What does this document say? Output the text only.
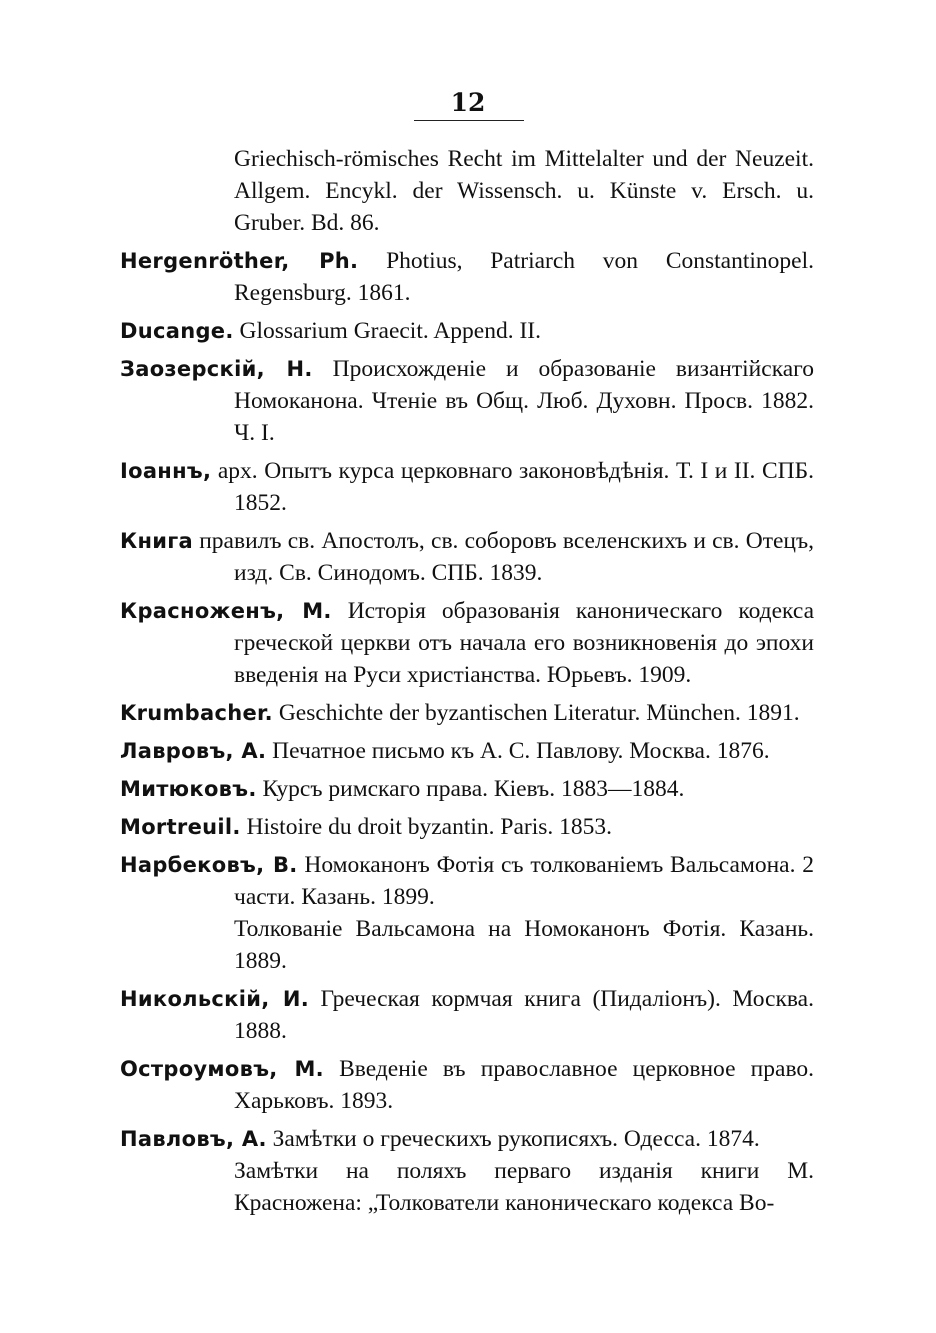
12

Griechisch-römisches Recht im Mittelalter und der Neuzeit. Allgem. Encykl. der Wissensch. u. Künste v. Ersch. u. Gruber. Bd. 86.

Hergenröther, Ph. Photius, Patriarch von Constantinopel. Regensburg. 1861.

Ducange. Glossarium Graecit. Append. II.

Заозерскій, Н. Происхожденіе и образованіе византійскаго Номоканона. Чтеніе въ Общ. Люб. Духовн. Просв. 1882. Ч. I.

Іоаннъ, арх. Опытъ курса церковнаго законовѣдѣнія. Т. I и II. СПБ. 1852.

Книга правилъ св. Апостолъ, св. соборовъ вселенскихъ и св. Отецъ, изд. Св. Синодомъ. СПБ. 1839.

Красноженъ, М. Исторія образованія каноническаго кодекса греческой церкви отъ начала его возникновенія до эпохи введенія на Руси христіанства. Юрьевъ. 1909.

Krumbacher. Geschichte der byzantischen Literatur. München. 1891.

Лавровъ, А. Печатное письмо къ А. С. Павлову. Москва. 1876.

Митюковъ. Курсъ римскаго права. Кіевъ. 1883—1884.

Mortreuil. Histoire du droit byzantin. Paris. 1853.

Нарбековъ, В. Номоканонъ Фотія съ толкованіемъ Вальсамона. 2 части. Казань. 1899.

Толкованіе Вальсамона на Номоканонъ Фотія. Казань. 1889.

Никольскій, И. Греческая кормчая книга (Пидаліонъ). Москва. 1888.

Остроумовъ, М. Введеніе въ православное церковное право. Харьковъ. 1893.

Павловъ, А. Замѣтки о греческихъ рукописяхъ. Одесса. 1874.

Замѣтки на поляхъ перваго изданія книги М. Красножена: „Толкователи каноническаго кодекса Во-
